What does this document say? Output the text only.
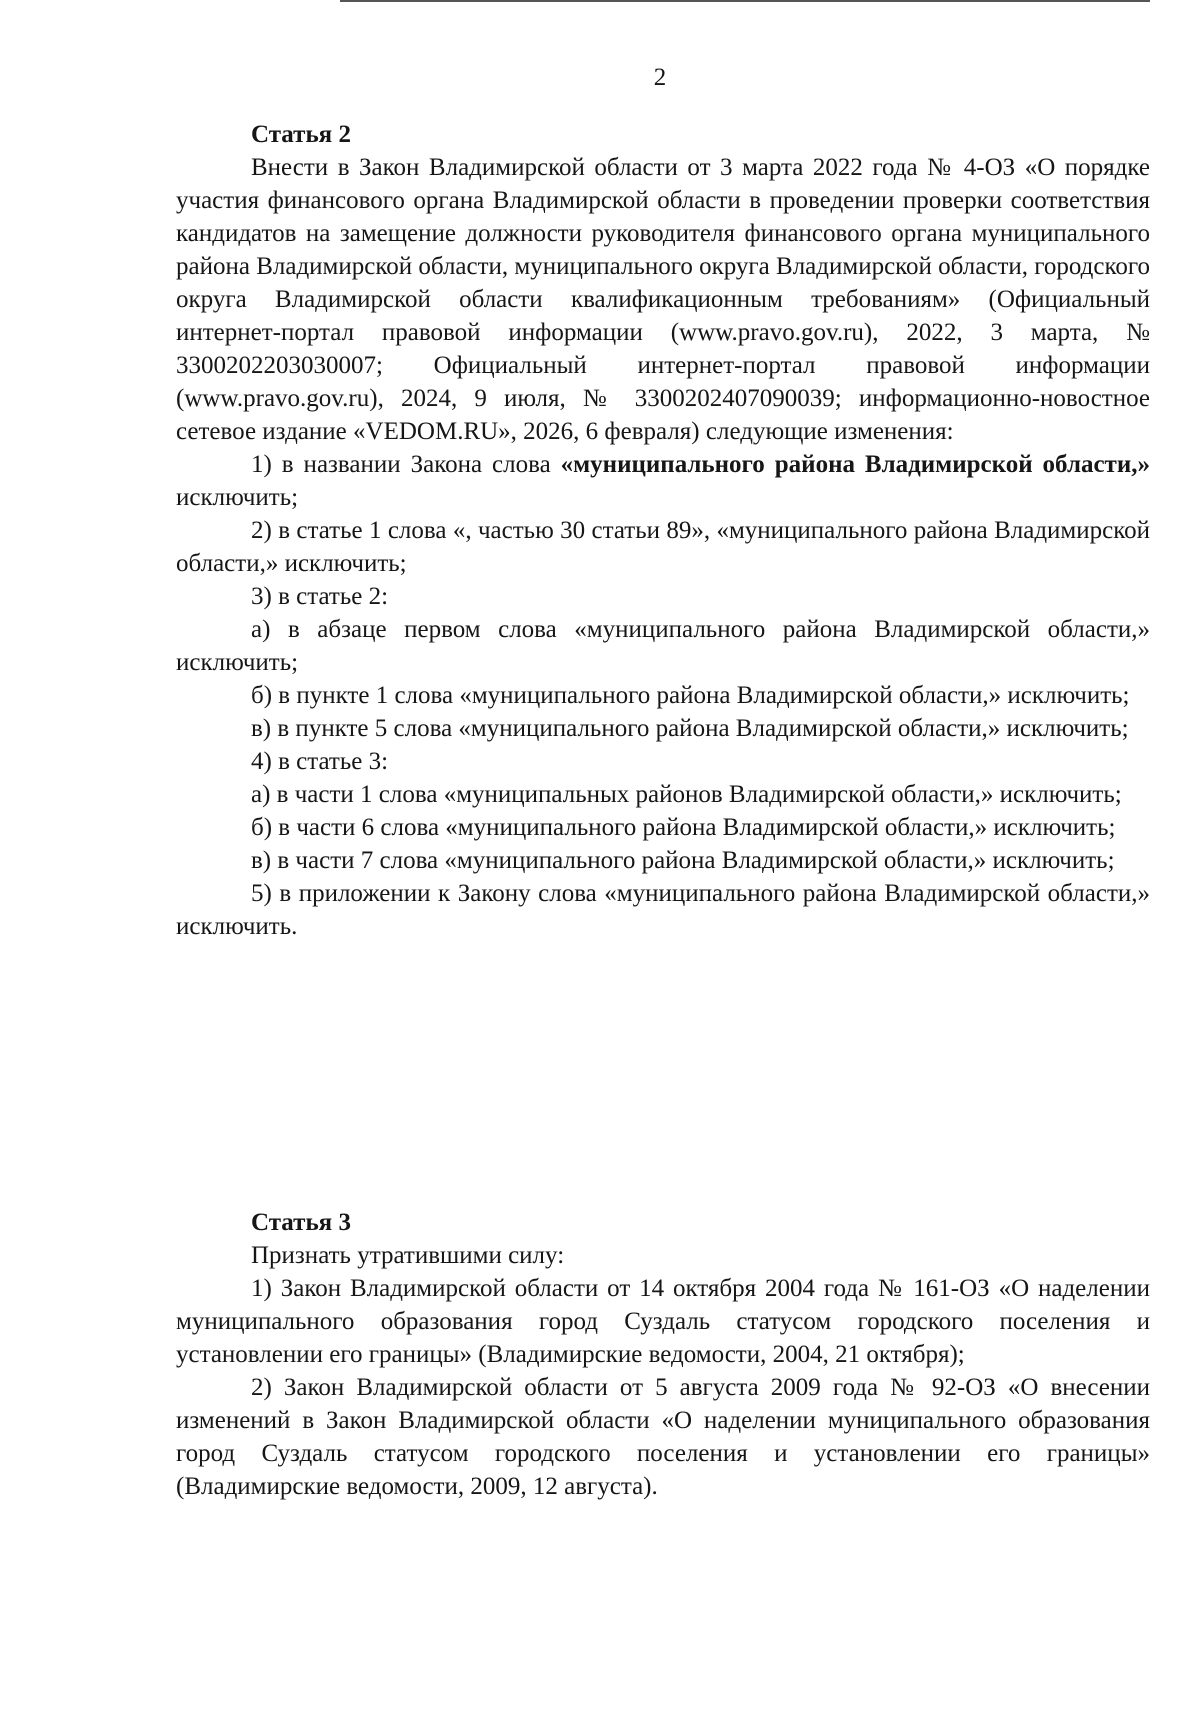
2

Статья 2

Внести в Закон Владимирской области от 3 марта 2022 года № 4-ОЗ «О порядке участия финансового органа Владимирской области в проведении проверки соответствия кандидатов на замещение должности руководителя финансового органа муниципального района Владимирской области, муниципального округа Владимирской области, городского округа Владимирской области квалификационным требованиям» (Официальный интернет-портал правовой информации (www.pravo.gov.ru), 2022, 3 марта, № 3300202203030007; Официальный интернет-портал правовой информации (www.pravo.gov.ru), 2024, 9 июля, № 3300202407090039; информационно-новостное сетевое издание «VEDOM.RU», 2026, 6 февраля) следующие изменения:

1) в названии Закона слова «муниципального района Владимирской области,» исключить;

2) в статье 1 слова «, частью 30 статьи 89», «муниципального района Владимирской области,» исключить;

3) в статье 2:

а) в абзаце первом слова «муниципального района Владимирской области,» исключить;

б) в пункте 1 слова «муниципального района Владимирской области,» исключить;

в) в пункте 5 слова «муниципального района Владимирской области,» исключить;

4) в статье 3:

а) в части 1 слова «муниципальных районов Владимирской области,» исключить;

б) в части 6 слова «муниципального района Владимирской области,» исключить;

в) в части 7 слова «муниципального района Владимирской области,» исключить;

5) в приложении к Закону слова «муниципального района Владимирской области,» исключить.

Статья 3

Признать утратившими силу:

1) Закон Владимирской области от 14 октября 2004 года № 161-ОЗ «О наделении муниципального образования город Суздаль статусом городского поселения и установлении его границы» (Владимирские ведомости, 2004, 21 октября);

2) Закон Владимирской области от 5 августа 2009 года № 92-ОЗ «О внесении изменений в Закон Владимирской области «О наделении муниципального образования город Суздаль статусом городского поселения и установлении его границы» (Владимирские ведомости, 2009, 12 августа).
